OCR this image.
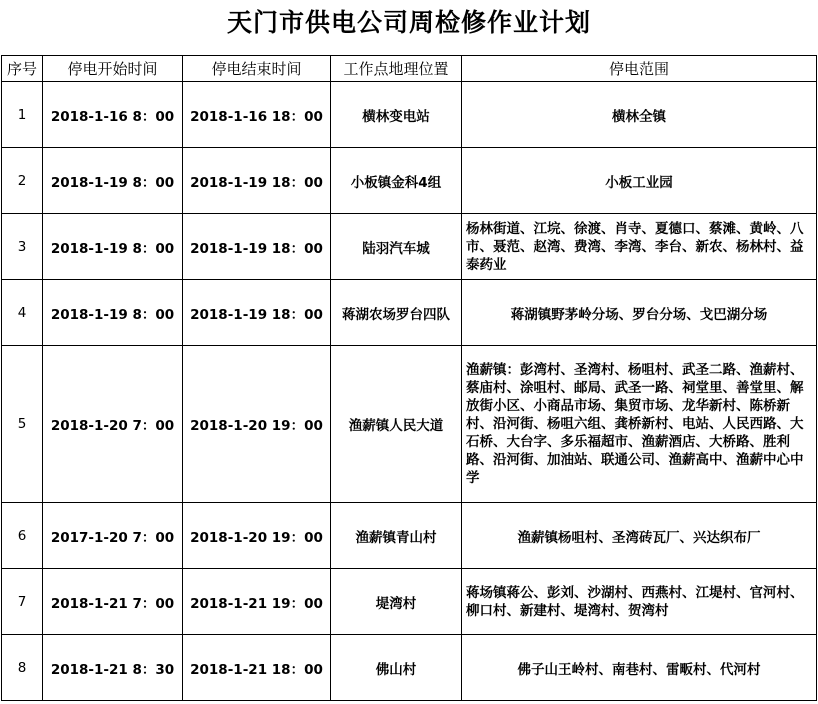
天门市供电公司周检修作业计划
序号	停电开始时间	停电结束时间	工作点地理位置	停电范围
1	2018-1-16 8：00	2018-1-16 18：00	横林变电站	横林全镇
2	2018-1-19 8：00	2018-1-19 18：00	小板镇金科4组	小板工业园
3	2018-1-19 8：00	2018-1-19 18：00	陆羽汽车城	杨林街道、江垸、徐渡、肖寺、夏德口、蔡滩、黄岭、八市、聂范、赵湾、费湾、李湾、李台、新农、杨林村、益泰药业
4	2018-1-19 8：00	2018-1-19 18：00	蒋湖农场罗台四队	蒋湖镇野茅岭分场、罗台分场、戈巴湖分场
5	2018-1-20 7：00	2018-1-20 19：00	渔薪镇人民大道	渔薪镇：彭湾村、圣湾村、杨咀村、武圣二路、渔薪村、蔡庙村、涂咀村、邮局、武圣一路、祠堂里、善堂里、解放街小区、小商品市场、集贸市场、龙华新村、陈桥新村、沿河街、杨咀六组、龚桥新村、电站、人民西路、大石桥、大台字、多乐福超市、渔薪酒店、大桥路、胜利路、沿河街、加油站、联通公司、渔薪高中、渔薪中心中学
6	2017-1-20 7：00	2018-1-20 19：00	渔薪镇青山村	渔薪镇杨咀村、圣湾砖瓦厂、兴达织布厂
7	2018-1-21 7：00	2018-1-21 19：00	堤湾村	蒋场镇蒋公、彭刘、沙湖村、西燕村、江堤村、官河村、柳口村、新建村、堤湾村、贺湾村
8	2018-1-21 8：30	2018-1-21 18：00	佛山村	佛子山王岭村、南巷村、雷畈村、代河村
